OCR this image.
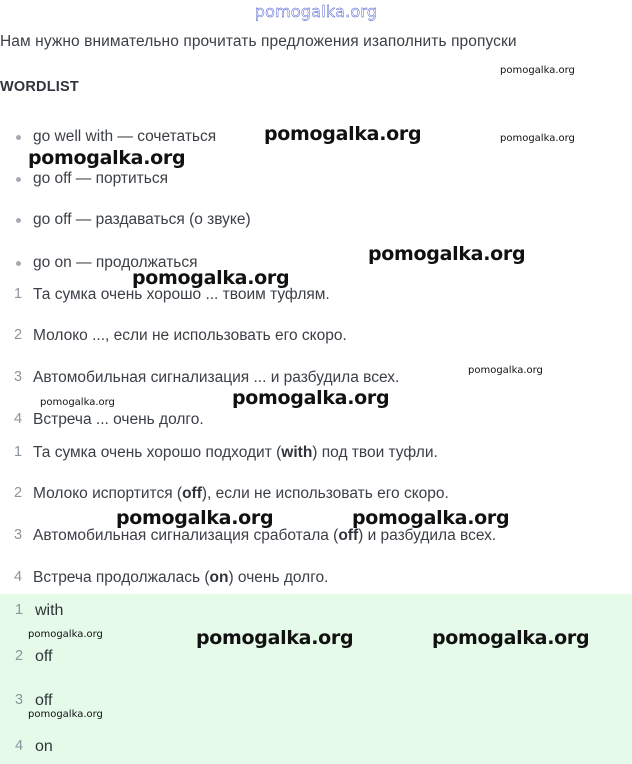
pomogalka.org
Нам нужно внимательно прочитать предложения изаполнить пропуски
WORDLIST
go well with — сочетаться
go off — портиться
go off — раздаваться (о звуке)
go on — продолжаться
1 Та сумка очень хорошо ... твоим туфлям.
2 Молоко ..., если не использовать его скоро.
3 Автомобильная сигнализация ... и разбудила всех.
4 Встреча ... очень долго.
1 Та сумка очень хорошо подходит (with) под твои туфли.
2 Молоко испортится (off), если не использовать его скоро.
3 Автомобильная сигнализация сработала (off) и разбудила всех.
4 Встреча продолжалась (on) очень долго.
1 with
2 off
3 off
4 on
pomogalka.org
pomogalka.org	pomogalka.org
pomogalka.org
pomogalka.org
pomogalka.org
pomogalka.org
pomogalka.org	pomogalka.org
pomogalka.org	pomogalka.org
pomogalka.org	pomogalka.org	pomogalka.org
pomogalka.org
